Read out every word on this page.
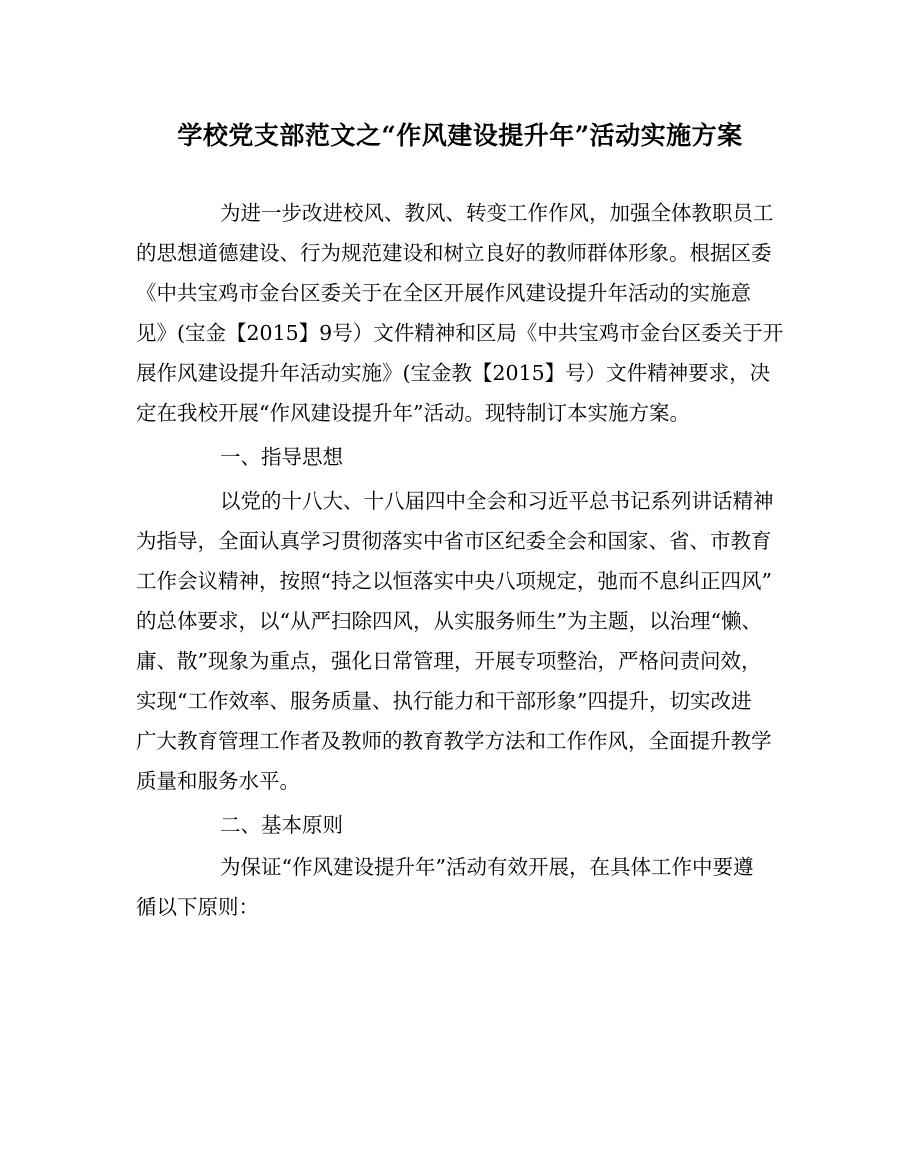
学校党支部范文之“作风建设提升年”活动实施方案
为进一步改进校风、教风、转变工作作风，加强全体教职员工
的思想道德建设、行为规范建设和树立良好的教师群体形象。根据区委
《中共宝鸡市金台区委关于在全区开展作风建设提升年活动的实施意
见》(宝金【2015】9号）文件精神和区局《中共宝鸡市金台区委关于开
展作风建设提升年活动实施》(宝金教【2015】号）文件精神要求，决
定在我校开展“作风建设提升年”活动。现特制订本实施方案。
一、指导思想
以党的十八大、十八届四中全会和习近平总书记系列讲话精神
为指导，全面认真学习贯彻落实中省市区纪委全会和国家、省、市教育
工作会议精神，按照“持之以恒落实中央八项规定，弛而不息纠正四风”
的总体要求，以“从严扫除四风，从实服务师生”为主题，以治理“懒、
庸、散”现象为重点，强化日常管理，开展专项整治，严格问责问效，
实现“工作效率、服务质量、执行能力和干部形象”四提升，切实改进
广大教育管理工作者及教师的教育教学方法和工作作风，全面提升教学
质量和服务水平。
二、基本原则
为保证“作风建设提升年”活动有效开展，在具体工作中要遵
循以下原则：
